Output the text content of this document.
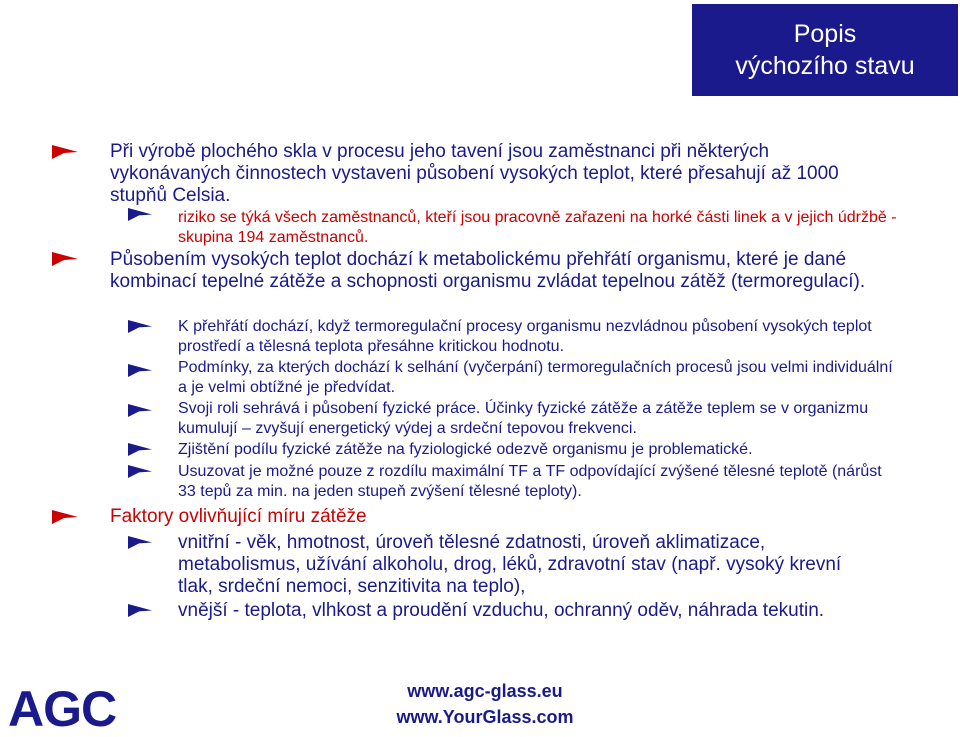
Popis
výchozího stavu

Při výrobě plochého skla v procesu jeho tavení jsou zaměstnanci při některých vykonávaných činnostech vystaveni působení vysokých teplot, které přesahují až 1000 stupňů Celsia.

riziko se týká všech zaměstnanců, kteří jsou pracovně zařazeni na horké části linek a v jejich údržbě - skupina 194 zaměstnanců.

Působením vysokých teplot dochází k metabolickému přehřátí organismu, které je dané kombinací tepelné zátěže a schopnosti organismu zvládat tepelnou zátěž (termoregulací).

K přehřátí dochází, když termoregulační procesy organismu nezvládnou působení vysokých teplot prostředí a tělesná teplota přesáhne kritickou hodnotu.

Podmínky, za kterých dochází k selhání (vyčerpání) termoregulačních procesů jsou velmi individuální a je velmi obtížné je předvídat.

Svoji roli sehrává i působení fyzické práce. Účinky fyzické zátěže a zátěže teplem se v organizmu kumulují – zvyšují energetický výdej a srdeční tepovou frekvenci.

Zjištění podílu fyzické zátěže na fyziologické odezvě organismu je problematické.

Usuzovat je možné pouze z rozdílu maximální TF a TF odpovídající zvýšené tělesné teplotě (nárůst 33 tepů za min. na jeden stupeň zvýšení tělesné teploty).

Faktory ovlivňující míru zátěže

vnitřní - věk, hmotnost, úroveň tělesné zdatnosti, úroveň aklimatizace, metabolismus, užívání alkoholu, drog, léků, zdravotní stav (např. vysoký krevní tlak, srdeční nemoci, senzitivita na teplo),

vnější - teplota, vlhkost a proudění vzduchu, ochranný oděv, náhrada tekutin.

AGC	www.agc-glass.eu
www.YourGlass.com
